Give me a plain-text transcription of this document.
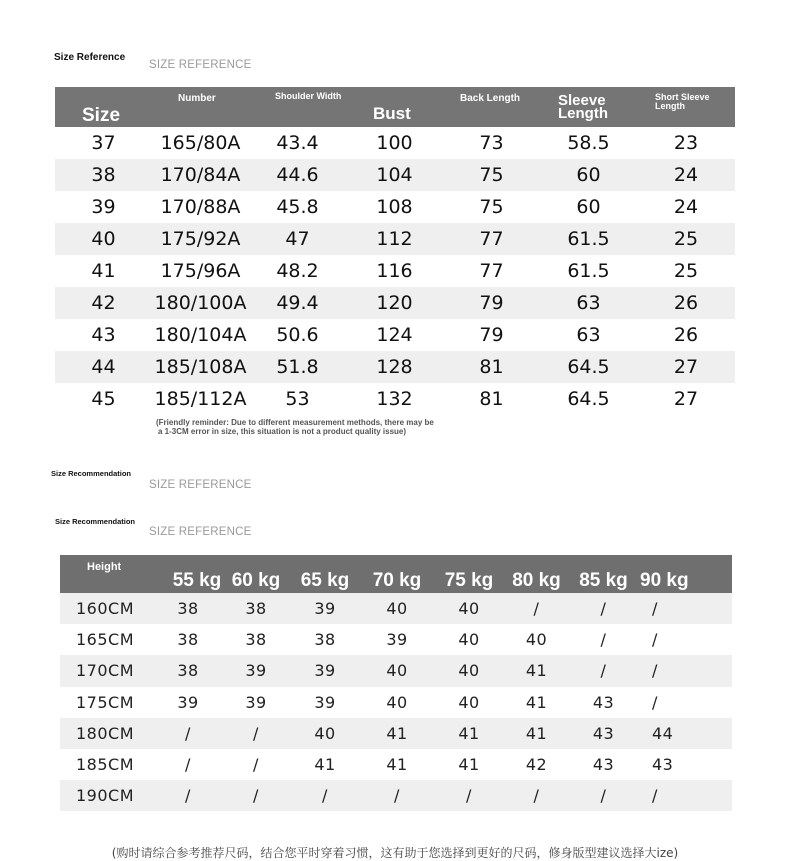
Size Reference
SIZE REFERENCE
Size	Number	Shoulder Width	Bust	Back Length	Sleeve Length	Short Sleeve Length
37	165/80A	43.4	100	73	58.5	23
38	170/84A	44.6	104	75	60	24
39	170/88A	45.8	108	75	60	24
40	175/92A	47	112	77	61.5	25
41	175/96A	48.2	116	77	61.5	25
42	180/100A	49.4	120	79	63	26
43	180/104A	50.6	124	79	63	26
44	185/108A	51.8	128	81	64.5	27
45	185/112A	53	132	81	64.5	27
(Friendly reminder: Due to different measurement methods, there may be
a 1-3CM error in size, this situation is not a product quality issue)
Size Recommendation
SIZE REFERENCE
Size Recommendation
SIZE REFERENCE
Height	55 kg	60 kg	65 kg	70 kg	75 kg	80 kg	85 kg	90 kg
160CM	38	38	39	40	40	/	/	/
165CM	38	38	38	39	40	40	/	/
170CM	38	39	39	40	40	41	/	/
175CM	39	39	39	40	40	41	43	/
180CM	/	/	40	41	41	41	43	44
185CM	/	/	41	41	41	42	43	43
190CM	/	/	/	/	/	/	/	/
(购时请综合参考推荐尺码，结合您平时穿着习惯，这有助于您选择到更好的尺码，修身版型建议选择大ize)
